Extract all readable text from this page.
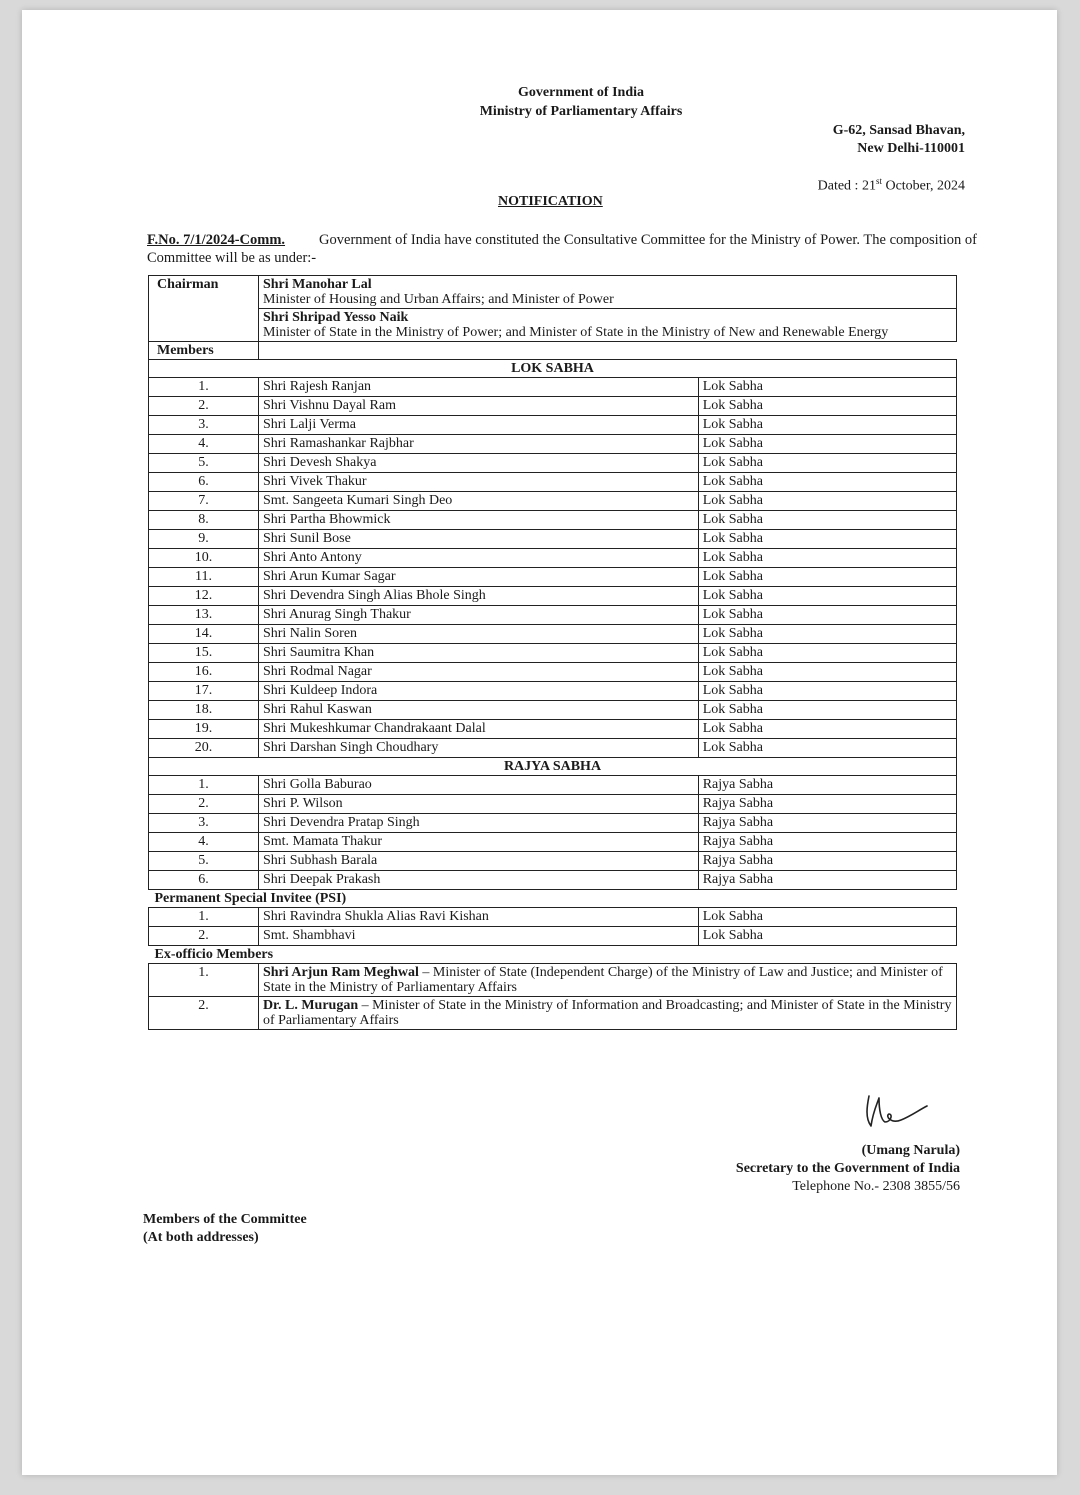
Government of India
Ministry of Parliamentary Affairs
G-62, Sansad Bhavan,
New Delhi-110001
Dated : 21st October, 2024
NOTIFICATION
F.No. 7/1/2024-Comm. Government of India have constituted the Consultative Committee for the Ministry of Power. The composition of Committee will be as under:-
Chairman	Shri Manohar Lal
Minister of Housing and Urban Affairs; and Minister of Power	

	Shri Shripad Yesso Naik
Minister of State in the Ministry of Power; and Minister of State in the Ministry of New and Renewable Energy	

Members		
LOK SABHA		
1.	Shri Rajesh Ranjan	Lok Sabha
2.	Shri Vishnu Dayal Ram	Lok Sabha
3.	Shri Lalji Verma	Lok Sabha
4.	Shri Ramashankar Rajbhar	Lok Sabha
5.	Shri Devesh Shakya	Lok Sabha
6.	Shri Vivek Thakur	Lok Sabha
7.	Smt. Sangeeta Kumari Singh Deo	Lok Sabha
8.	Shri Partha Bhowmick	Lok Sabha
9.	Shri Sunil Bose	Lok Sabha
10.	Shri Anto Antony	Lok Sabha
11.	Shri Arun Kumar Sagar	Lok Sabha
12.	Shri Devendra Singh Alias Bhole Singh	Lok Sabha
13.	Shri Anurag Singh Thakur	Lok Sabha
14.	Shri Nalin Soren	Lok Sabha
15.	Shri Saumitra Khan	Lok Sabha
16.	Shri Rodmal Nagar	Lok Sabha
17.	Shri Kuldeep Indora	Lok Sabha
18.	Shri Rahul Kaswan	Lok Sabha
19.	Shri Mukeshkumar Chandrakaant Dalal	Lok Sabha
20.	Shri Darshan Singh Choudhary	Lok Sabha
RAJYA SABHA		
1.	Shri Golla Baburao	Rajya Sabha
2.	Shri P. Wilson	Rajya Sabha
3.	Shri Devendra Pratap Singh	Rajya Sabha
4.	Smt. Mamata Thakur	Rajya Sabha
5.	Shri Subhash Barala	Rajya Sabha
6.	Shri Deepak Prakash	Rajya Sabha
Permanent Special Invitee (PSI)		
1.	Shri Ravindra Shukla Alias Ravi Kishan	Lok Sabha
2.	Smt. Shambhavi	Lok Sabha
Ex-officio Members		
1.	Shri Arjun Ram Meghwal – Minister of State (Independent Charge) of the Ministry of Law and Justice; and Minister of State in the Ministry of Parliamentary Affairs	
2.	Dr. L. Murugan – Minister of State in the Ministry of Information and Broadcasting; and Minister of State in the Ministry of Parliamentary Affairs	
(Umang Narula)
Secretary to the Government of India
Telephone No.- 2308 3855/56
Members of the Committee
(At both addresses)
